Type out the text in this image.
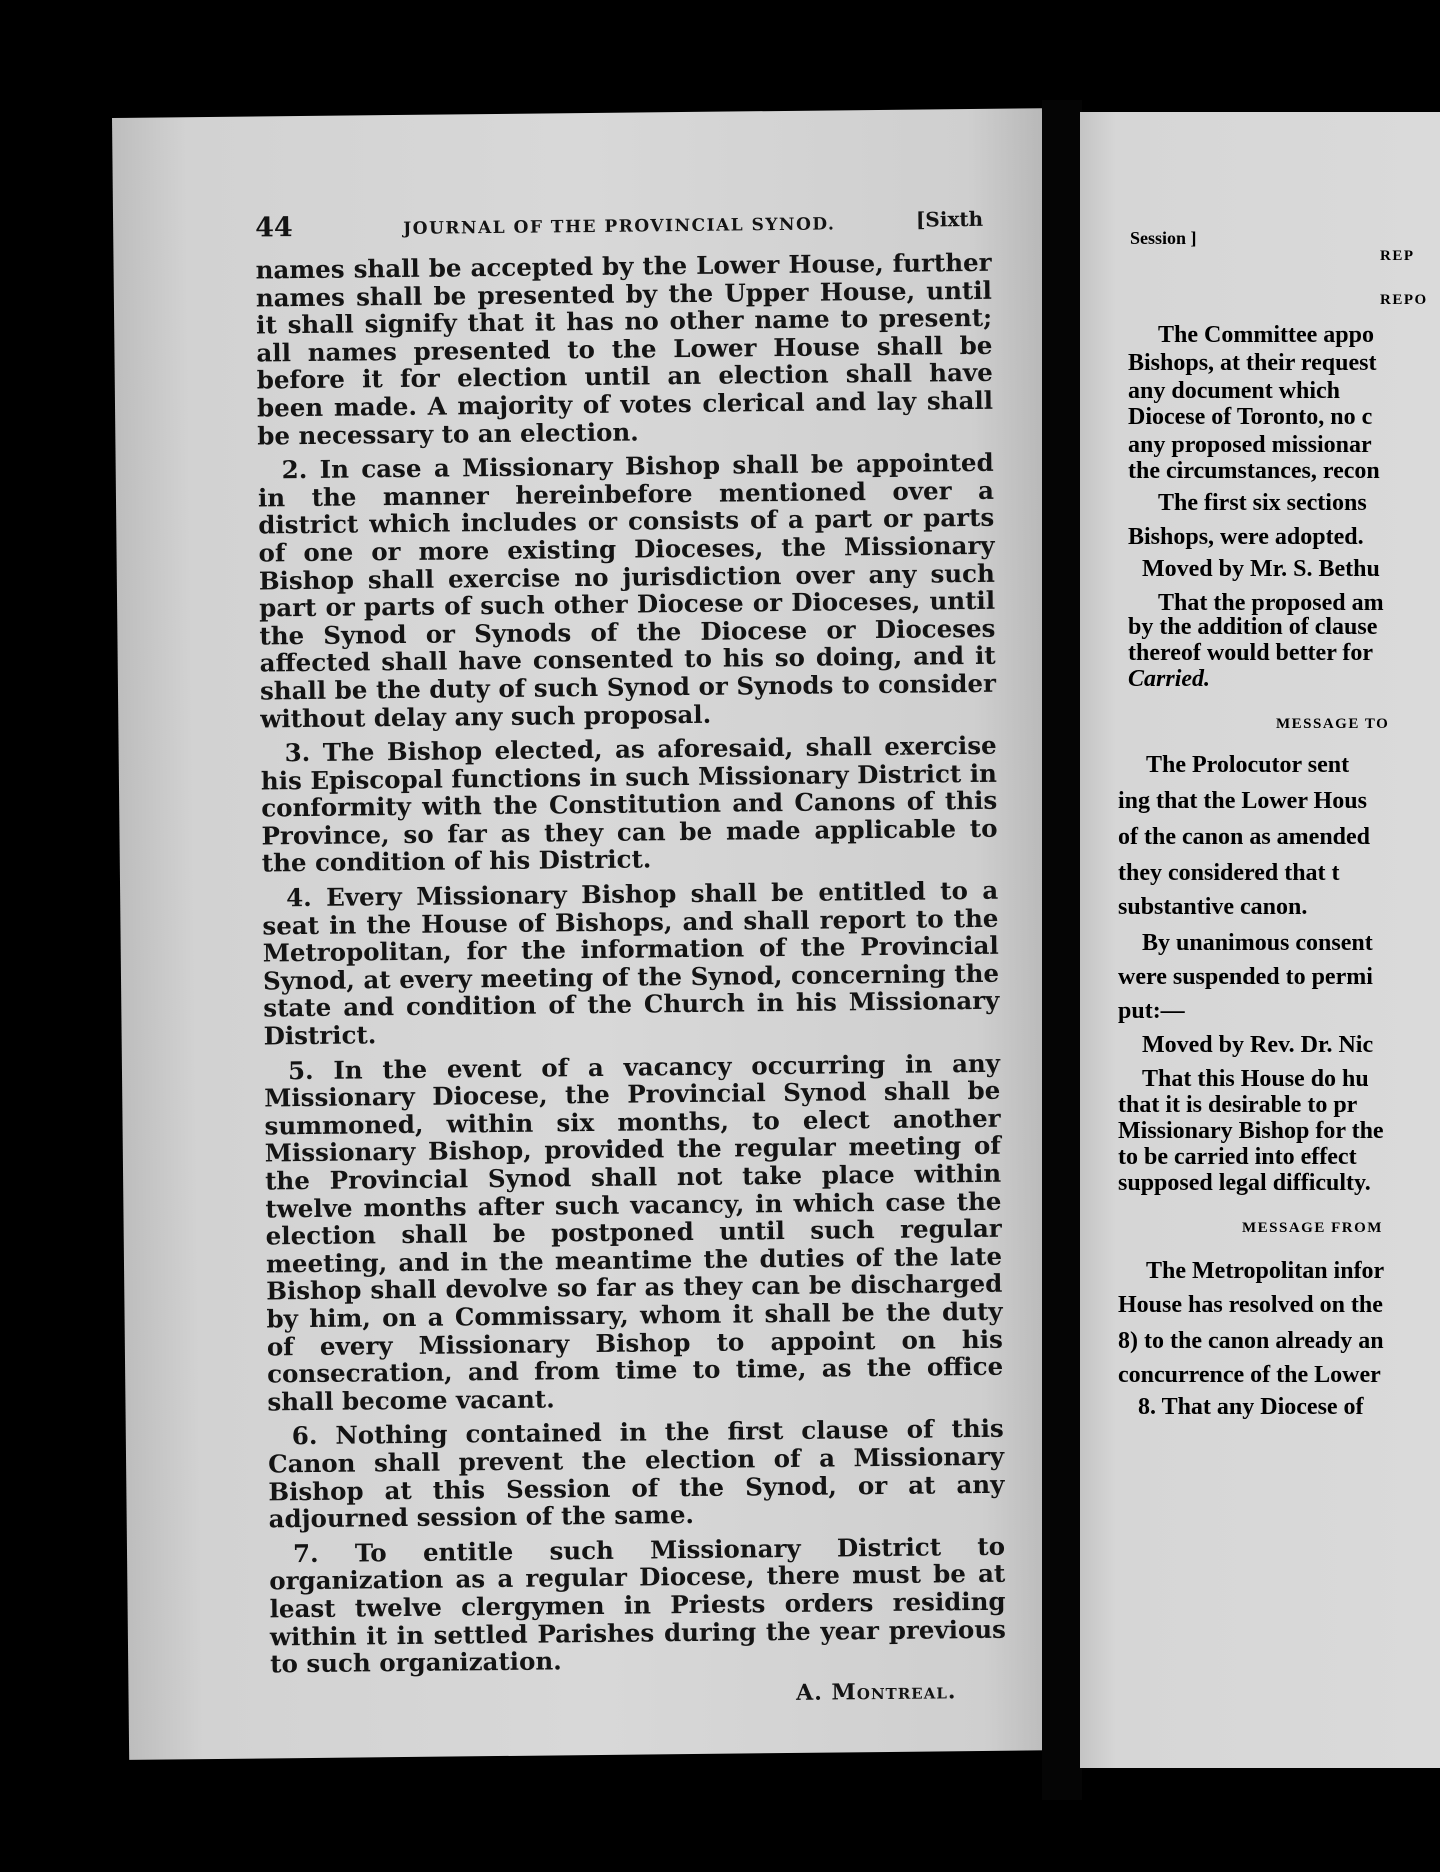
44	JOURNAL OF THE PROVINCIAL SYNOD.	[Sixth

names shall be accepted by the Lower House, further names shall be presented by the Upper House, until it shall signify that it has no other name to present; all names presented to the Lower House shall be before it for election until an election shall have been made. A majority of votes clerical and lay shall be necessary to an election.

2. In case a Missionary Bishop shall be appointed in the manner hereinbefore mentioned over a district which includes or consists of a part or parts of one or more existing Dioceses, the Missionary Bishop shall exercise no jurisdiction over any such part or parts of such other Diocese or Dioceses, until the Synod or Synods of the Diocese or Dioceses affected shall have consented to his so doing, and it shall be the duty of such Synod or Synods to consider without delay any such proposal.

3. The Bishop elected, as aforesaid, shall exercise his Episcopal functions in such Missionary District in conformity with the Constitution and Canons of this Province, so far as they can be made applicable to the condition of his District.

4. Every Missionary Bishop shall be entitled to a seat in the House of Bishops, and shall report to the Metropolitan, for the information of the Provincial Synod, at every meeting of the Synod, concerning the state and condition of the Church in his Missionary District.

5. In the event of a vacancy occurring in any Missionary Diocese, the Provincial Synod shall be summoned, within six months, to elect another Missionary Bishop, provided the regular meeting of the Provincial Synod shall not take place within twelve months after such vacancy, in which case the election shall be postponed until such regular meeting, and in the meantime the duties of the late Bishop shall devolve so far as they can be discharged by him, on a Commissary, whom it shall be the duty of every Missionary Bishop to appoint on his consecration, and from time to time, as the office shall become vacant.

6. Nothing contained in the first clause of this Canon shall prevent the election of a Missionary Bishop at this Session of the Synod, or at any adjourned session of the same.

7. To entitle such Missionary District to organization as a regular Diocese, there must be at least twelve clergymen in Priests orders residing within it in settled Parishes during the year previous to such organization.

A. Montreal.
Session ]
REP
REPO
The Committee appo
Bishops, at their request
any document which
Diocese of Toronto, no c
any proposed missionar
the circumstances, recon
The first six sections
Bishops, were adopted.
Moved by Mr. S. Bethu
That the proposed am
by the addition of clause
thereof would better for
Carried.
MESSAGE TO
The Prolocutor sent
ing that the Lower Hous
of the canon as amended
they considered that t
substantive canon.
By unanimous consent
were suspended to permi
put:—
Moved by Rev. Dr. Nic
That this House do hu
that it is desirable to pr
Missionary Bishop for the
to be carried into effect
supposed legal difficulty.
MESSAGE FROM
The Metropolitan infor
House has resolved on the
8) to the canon already an
concurrence of the Lower
8. That any Diocese of
